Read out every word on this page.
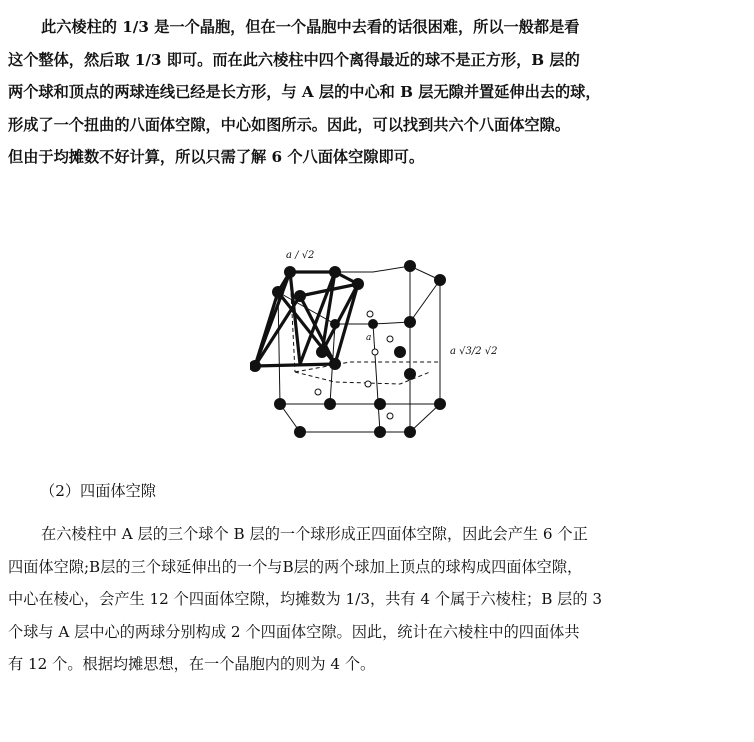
此六棱柱的 1/3 是一个晶胞，但在一个晶胞中去看的话很困难，所以一般都是看
这个整体，然后取 1/3 即可。而在此六棱柱中四个离得最近的球不是正方形，B 层的
两个球和顶点的两球连线已经是长方形，与 A 层的中心和 B 层无隙并置延伸出去的球，
形成了一个扭曲的八面体空隙，中心如图所示。因此，可以找到共六个八面体空隙。
但由于均摊数不好计算，所以只需了解 6 个八面体空隙即可。
a / √2
a √3/2 √2
a
（2）四面体空隙
在六棱柱中 A 层的三个球个 B 层的一个球形成正四面体空隙，因此会产生 6 个正
四面体空隙;B层的三个球延伸出的一个与B层的两个球加上顶点的球构成四面体空隙，
中心在棱心，会产生 12 个四面体空隙，均摊数为 1/3，共有 4 个属于六棱柱；B 层的 3
个球与 A 层中心的两球分别构成 2 个四面体空隙。因此，统计在六棱柱中的四面体共
有 12 个。根据均摊思想，在一个晶胞内的则为 4 个。
